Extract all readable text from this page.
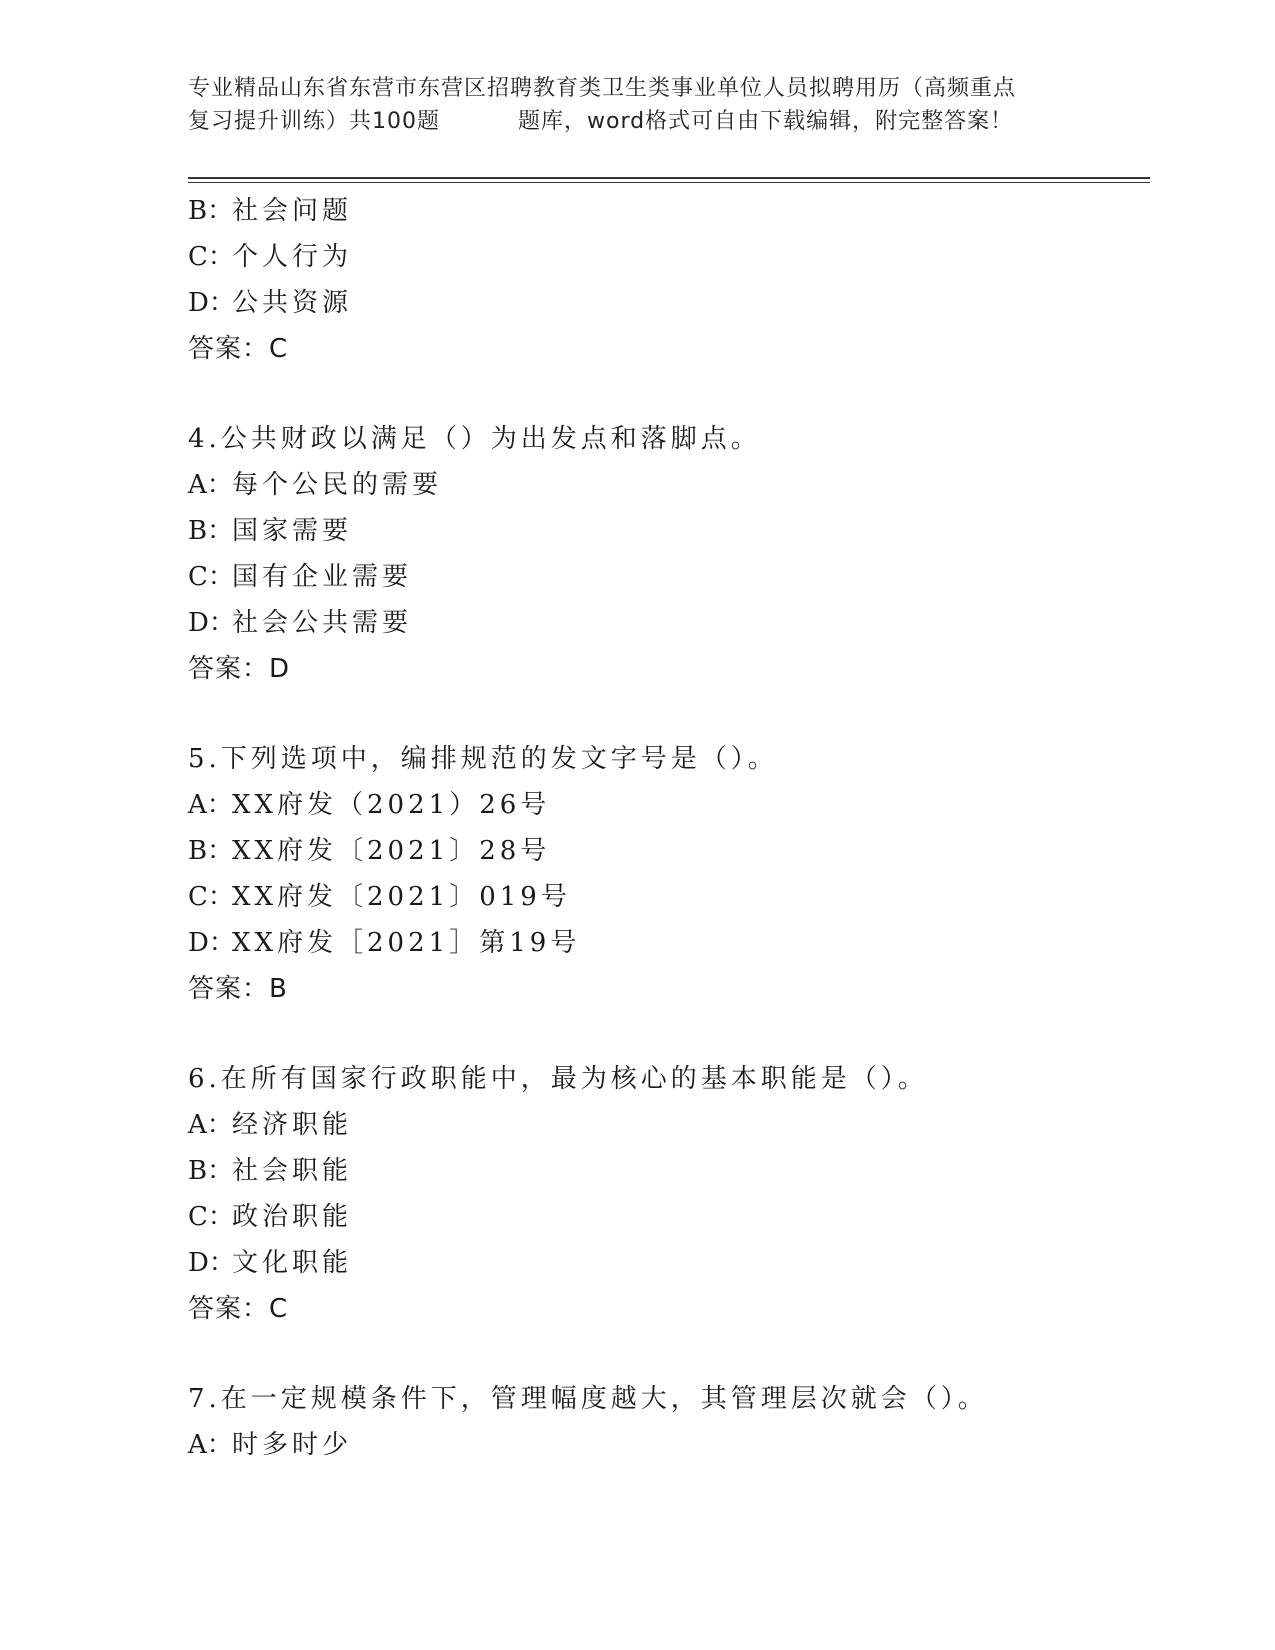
专业精品山东省东营市东营区招聘教育类卫生类事业单位人员拟聘用历（高频重点
复习提升训练）共100题	题库，word格式可自由下载编辑，附完整答案！
B：社会问题
C：个人行为
D：公共资源
答案：C
4.公共财政以满足（）为出发点和落脚点。
A：每个公民的需要
B：国家需要
C：国有企业需要
D：社会公共需要
答案：D
5.下列选项中，编排规范的发文字号是（）。
A：XX府发（2021）26号
B：XX府发〔2021〕28号
C：XX府发〔2021〕019号
D：XX府发［2021］第19号
答案：B
6.在所有国家行政职能中，最为核心的基本职能是（）。
A：经济职能
B：社会职能
C：政治职能
D：文化职能
答案：C
7.在一定规模条件下，管理幅度越大，其管理层次就会（）。
A：时多时少
